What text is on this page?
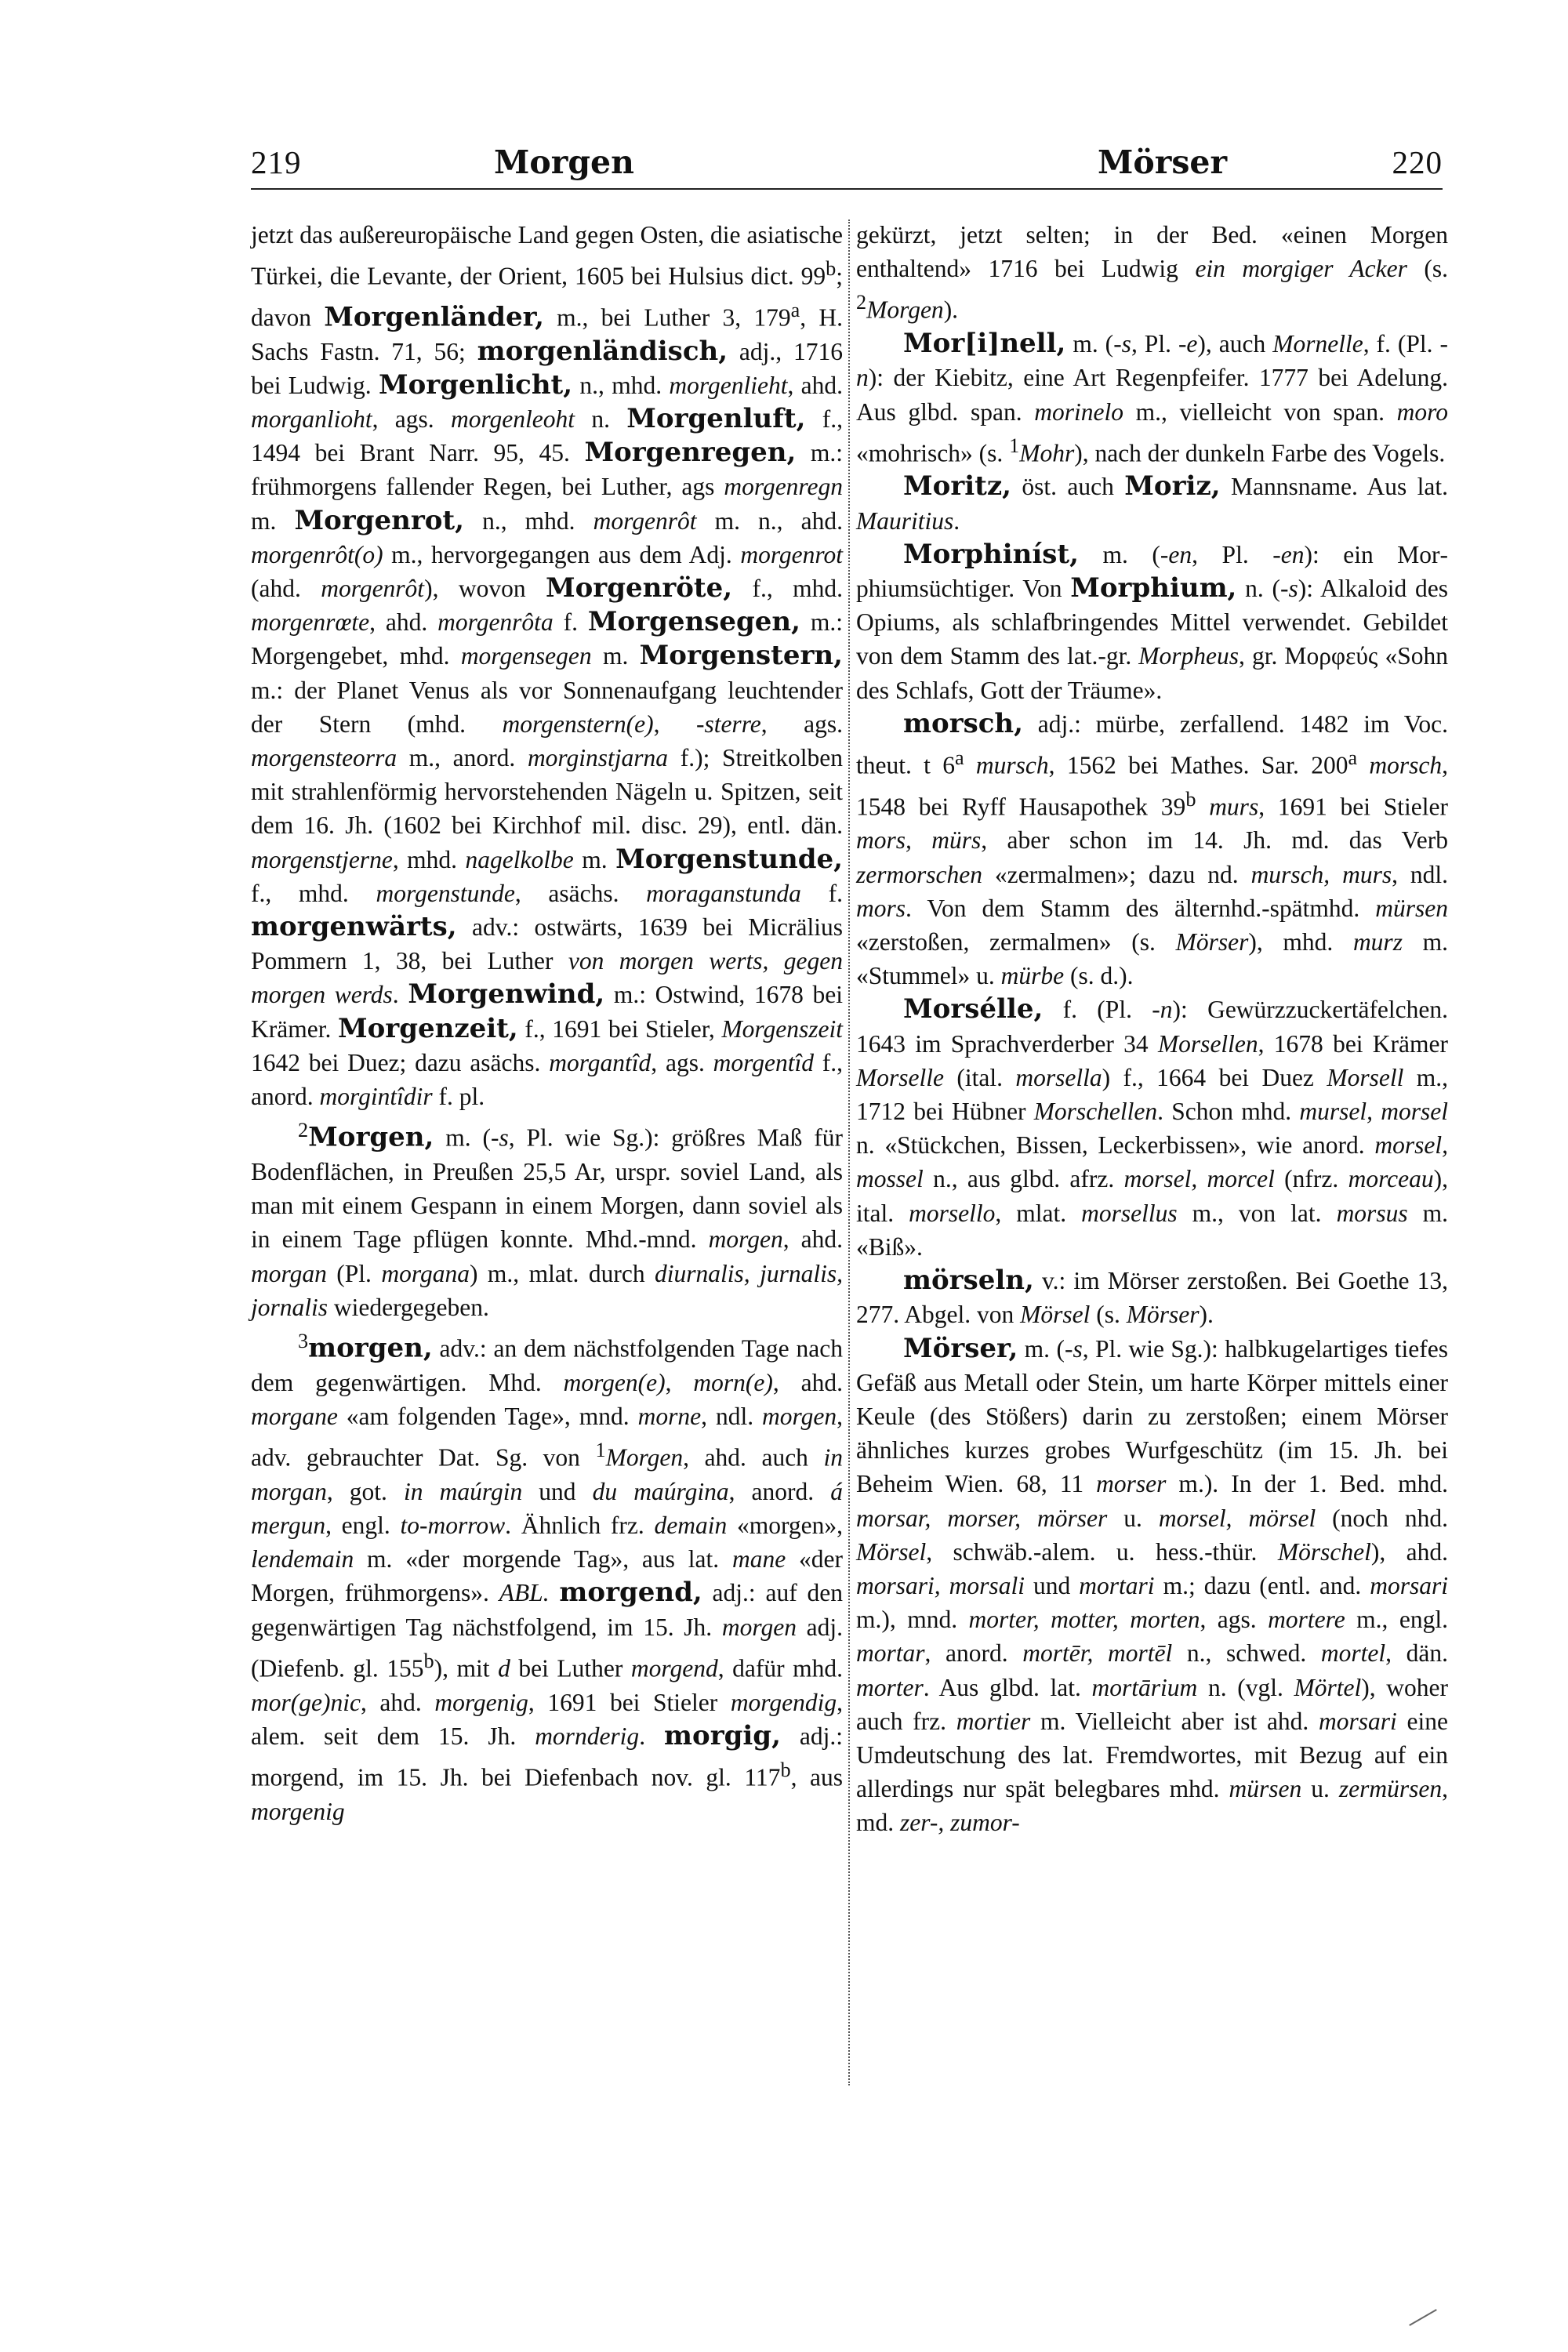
219	Morgen	Mörser	220

jetzt das außereuropäische Land gegen Osten, die asiatische Türkei, die Levante, der Orient, 1605 bei Hulsius dict. 99$^b$; davon Morgenländer, m., bei Luther 3, 179$^a$, H. Sachs Fastn. 71, 56; morgenländisch, adj., 1716 bei Ludwig. Morgenlicht, n., mhd. morgenlieht, ahd. morganlioht, ags. morgenleoht n. Morgenluft, f., 1494 bei Brant Narr. 95, 45. Morgenregen, m.: frühmorgens fallender Regen, bei Luther, ags morgenregn m. Morgenrot, n., mhd. morgenrôt m. n., ahd. morgenrôt(o) m., hervorgegangen aus dem Adj. morgenrot (ahd. morgenrôt), wovon Morgenröte, f., mhd. morgenrœte, ahd. morgenrôta f. Morgensegen, m.: Morgengebet, mhd. morgensegen m. Morgenstern, m.: der Planet Venus als vor Sonnenaufgang leuchtender der Stern (mhd. morgenstern(e), -sterre, ags. morgensteorra m., anord. morginstjarna f.); Streitkolben mit strahlenförmig hervorstehenden Nägeln u. Spitzen, seit dem 16. Jh. (1602 bei Kirchhof mil. disc. 29), entl. dän. morgenstjerne, mhd. nagelkolbe m. Morgenstunde, f., mhd. morgenstunde, asächs. moraganstunda f. morgenwärts, adv.: ostwärts, 1639 bei Micrälius Pommern 1, 38, bei Luther von morgen werts, gegen morgen werds. Morgenwind, m.: Ostwind, 1678 bei Krämer. Morgenzeit, f., 1691 bei Stieler, Morgenszeit 1642 bei Duez; dazu asächs. morgantîd, ags. morgentîd f., anord. morgintîdir f. pl.

$^2$Morgen, m. (-s, Pl. wie Sg.): größres Maß für Bodenflächen, in Preußen 25,5 Ar, urspr. soviel Land, als man mit einem Gespann in einem Morgen, dann soviel als in einem Tage pflügen konnte. Mhd.-mnd. morgen, ahd. morgan (Pl. morgana) m., mlat. durch diurnalis, jurnalis, jornalis wiedergegeben.

$^3$morgen, adv.: an dem nächstfolgenden Tage nach dem gegenwärtigen. Mhd. morgen(e), morn(e), ahd. morgane «am folgenden Tage», mnd. morne, ndl. morgen, adv. gebrauchter Dat. Sg. von $^1$Morgen, ahd. auch in morgan, got. in maúrgin und du maúrgina, anord. á mergun, engl. to-morrow. Ähnlich frz. demain «morgen», lendemain m. «der morgende Tag», aus lat. mane «der Morgen, frühmorgens». ABL. morgend, adj.: auf den gegenwärtigen Tag nächstfolgend, im 15. Jh. morgen adj. (Diefenb. gl. 155$^b$), mit d bei Luther morgend, dafür mhd. mor(ge)nic, ahd. morgenig, 1691 bei Stieler morgendig, alem. seit dem 15. Jh. mornderig. morgig, adj.: morgend, im 15. Jh. bei Diefenbach nov. gl. 117$^b$, aus morgenig

gekürzt, jetzt selten; in der Bed. «einen Morgen enthaltend» 1716 bei Ludwig ein morgiger Acker (s. $^2$Morgen).

Mor[i]nell, m. (-s, Pl. -e), auch Mornelle, f. (Pl. -n): der Kiebitz, eine Art Regenpfeifer. 1777 bei Adelung. Aus glbd. span. morinelo m., vielleicht von span. moro «mohrisch» (s. $^1$Mohr), nach der dunkeln Farbe des Vogels.

Moritz, öst. auch Moriz, Mannsname. Aus lat. Mauritius.

Morphiníst, m. (-en, Pl. -en): ein Morphiumsüchtiger. Von Morphium, n. (-s): Alkaloid des Opiums, als schlafbringendes Mittel verwendet. Gebildet von dem Stamm des lat.-gr. Morpheus, gr. Μορφεύς «Sohn des Schlafs, Gott der Träume».

morsch, adj.: mürbe, zerfallend. 1482 im Voc. theut. t 6$^a$ mursch, 1562 bei Mathes. Sar. 200$^a$ morsch, 1548 bei Ryff Hausapothek 39$^b$ murs, 1691 bei Stieler mors, mürs, aber schon im 14. Jh. md. das Verb zermorschen «zermalmen»; dazu nd. mursch, murs, ndl. mors. Von dem Stamm des älternhd.-spätmhd. mürsen «zerstoßen, zermalmen» (s. Mörser), mhd. murz m. «Stummel» u. mürbe (s. d.).

Morsélle, f. (Pl. -n): Gewürzzuckertäfelchen. 1643 im Sprachverderber 34 Morsellen, 1678 bei Krämer Morselle (ital. morsella) f., 1664 bei Duez Morsell m., 1712 bei Hübner Morschellen. Schon mhd. mursel, morsel n. «Stückchen, Bissen, Leckerbissen», wie anord. morsel, mossel n., aus glbd. afrz. morsel, morcel (nfrz. morceau), ital. morsello, mlat. morsellus m., von lat. morsus m. «Biß».

mörseln, v.: im Mörser zerstoßen. Bei Goethe 13, 277. Abgel. von Mörsel (s. Mörser).

Mörser, m. (-s, Pl. wie Sg.): halbkugelartiges tiefes Gefäß aus Metall oder Stein, um harte Körper mittels einer Keule (des Stößers) darin zu zerstoßen; einem Mörser ähnliches kurzes grobes Wurfgeschütz (im 15. Jh. bei Beheim Wien. 68, 11 morser m.). In der 1. Bed. mhd. morsar, morser, mörser u. morsel, mörsel (noch nhd. Mörsel, schwäb.-alem. u. hess.-thür. Mörschel), ahd. morsari, morsali und mortari m.; dazu (entl. and. morsari m.), mnd. morter, motter, morten, ags. mortere m., engl. mortar, anord. mortēr, mortēl n., schwed. mortel, dän. morter. Aus glbd. lat. mortārium n. (vgl. Mörtel), woher auch frz. mortier m. Vielleicht aber ist ahd. morsari eine Umdeutschung des lat. Fremdwortes, mit Bezug auf ein allerdings nur spät belegbares mhd. mürsen u. zermürsen, md. zer-, zumor-
